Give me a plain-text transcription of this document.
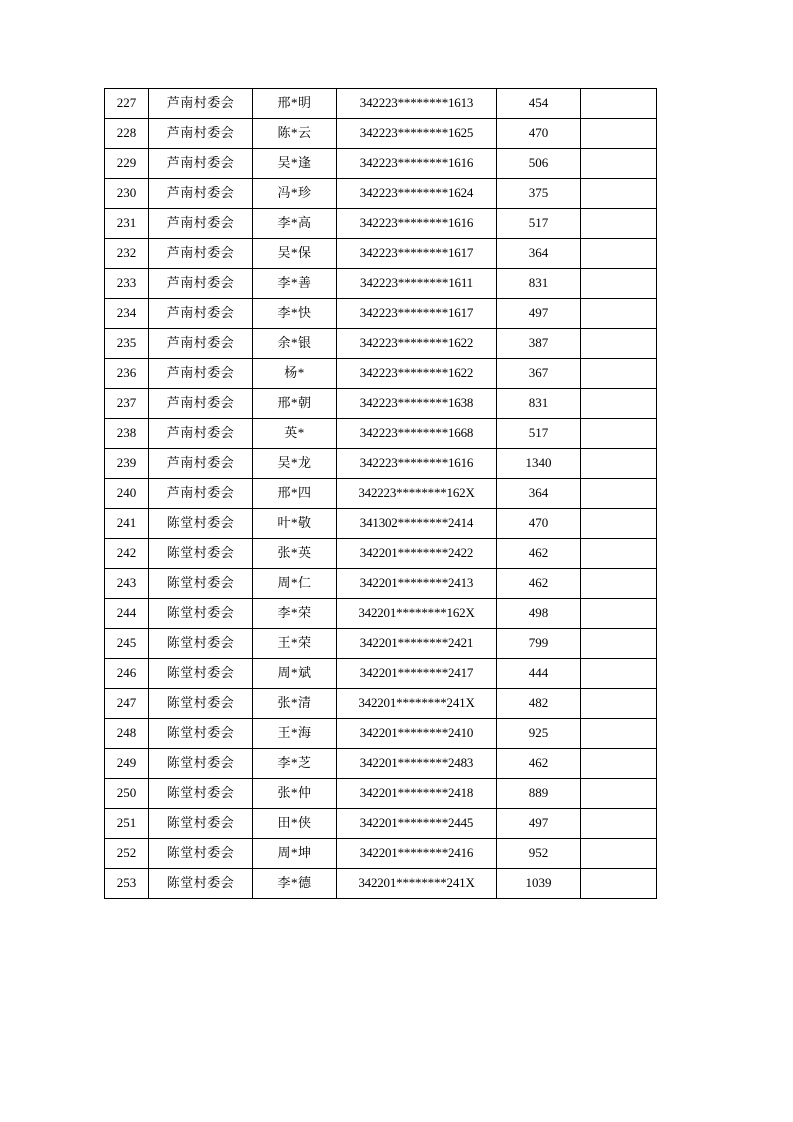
227	芦南村委会	邢*明	342223********1613	454	
228	芦南村委会	陈*云	342223********1625	470	
229	芦南村委会	吴*逢	342223********1616	506	
230	芦南村委会	冯*珍	342223********1624	375	
231	芦南村委会	李*高	342223********1616	517	
232	芦南村委会	吴*保	342223********1617	364	
233	芦南村委会	李*善	342223********1611	831	
234	芦南村委会	李*快	342223********1617	497	
235	芦南村委会	余*银	342223********1622	387	
236	芦南村委会	杨*	342223********1622	367	
237	芦南村委会	邢*朝	342223********1638	831	
238	芦南村委会	英*	342223********1668	517	
239	芦南村委会	吴*龙	342223********1616	1340	
240	芦南村委会	邢*四	342223********162X	364	
241	陈堂村委会	叶*敬	341302********2414	470	
242	陈堂村委会	张*英	342201********2422	462	
243	陈堂村委会	周*仁	342201********2413	462	
244	陈堂村委会	李*荣	342201********162X	498	
245	陈堂村委会	王*荣	342201********2421	799	
246	陈堂村委会	周*斌	342201********2417	444	
247	陈堂村委会	张*清	342201********241X	482	
248	陈堂村委会	王*海	342201********2410	925	
249	陈堂村委会	李*芝	342201********2483	462	
250	陈堂村委会	张*仲	342201********2418	889	
251	陈堂村委会	田*侠	342201********2445	497	
252	陈堂村委会	周*坤	342201********2416	952	
253	陈堂村委会	李*德	342201********241X	1039	
